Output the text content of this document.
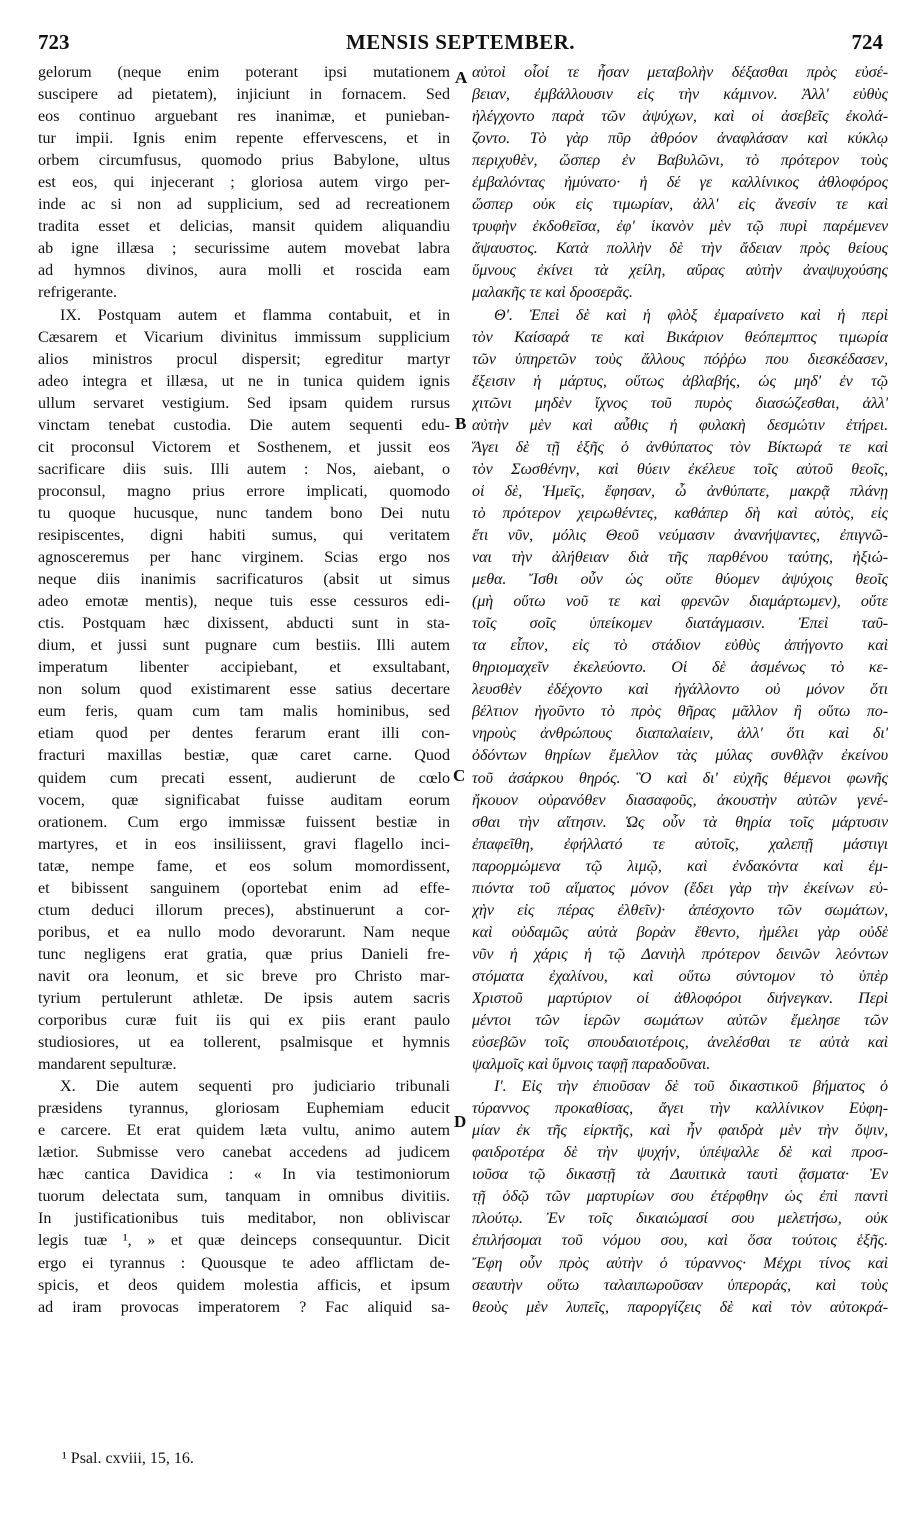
723	MENSIS SEPTEMBER.	724
gelorum (neque enim poterant ipsi mutationem
suscipere ad pietatem), injiciunt in fornacem. Sed
eos continuo arguebant res inanimæ, et punieban-
tur impii. Ignis enim repente effervescens, et in
orbem circumfusus, quomodo prius Babylone, ultus
est eos, qui injecerant ; gloriosa autem virgo per-
inde ac si non ad supplicium, sed ad recreationem
tradita esset et delicias, mansit quidem aliquandiu
ab igne illæsa ; securissime autem movebat labra
ad hymnos divinos, aura molli et roscida eam
refrigerante.
IX. Postquam autem et flamma contabuit, et in
Cæsarem et Vicarium divinitus immissum supplicium
alios ministros procul dispersit; egreditur martyr
adeo integra et illæsa, ut ne in tunica quidem ignis
ullum servaret vestigium. Sed ipsam quidem rursus
vinctam tenebat custodia. Die autem sequenti edu-
cit proconsul Victorem et Sosthenem, et jussit eos
sacrificare diis suis. Illi autem : Nos, aiebant, o
proconsul, magno prius errore implicati, quomodo
tu quoque hucusque, nunc tandem bono Dei nutu
resipiscentes, digni habiti sumus, qui veritatem
agnosceremus per hanc virginem. Scias ergo nos
neque diis inanimis sacrificaturos (absit ut simus
adeo emotæ mentis), neque tuis esse cessuros edi-
ctis. Postquam hæc dixissent, abducti sunt in sta-
dium, et jussi sunt pugnare cum bestiis. Illi autem
imperatum libenter accipiebant, et exsultabant,
non solum quod existimarent esse satius decertare
eum feris, quam cum tam malis hominibus, sed
etiam quod per dentes ferarum erant illi con-
fracturi maxillas bestiæ, quæ caret carne. Quod
quidem cum precati essent, audierunt de cœlo
vocem, quæ significabat fuisse auditam eorum
orationem. Cum ergo immissæ fuissent bestiæ in
martyres, et in eos insiliissent, gravi flagello inci-
tatæ, nempe fame, et eos solum momordissent,
et bibissent sanguinem (oportebat enim ad effe-
ctum deduci illorum preces), abstinuerunt a cor-
poribus, et ea nullo modo devorarunt. Nam neque
tunc negligens erat gratia, quæ prius Danieli fre-
navit ora leonum, et sic breve pro Christo mar-
tyrium pertulerunt athletæ. De ipsis autem sacris
corporibus curæ fuit iis qui ex piis erant paulo
studiosiores, ut ea tollerent, psalmisque et hymnis
mandarent sepulturæ.
X. Die autem sequenti pro judiciario tribunali
præsidens tyrannus, gloriosam Euphemiam educit
e carcere. Et erat quidem læta vultu, animo autem
lætior. Submisse vero canebat accedens ad judicem
hæc cantica Davidica : « In via testimoniorum
tuorum delectata sum, tanquam in omnibus divitiis.
In justificationibus tuis meditabor, non obliviscar
legis tuæ ¹, » et quæ deinceps consequuntur. Dicit
ergo ei tyrannus : Quousque te adeo afflictam de-
spicis, et deos quidem molestia afficis, et ipsum
ad iram provocas imperatorem ? Fac aliquid sa-
αὐτοὶ οἷοί τε ἦσαν μεταβολὴν δέξασθαι πρὸς εὐσέ-
βειαν, ἐμβάλλουσιν εἰς τὴν κάμινον. Ἀλλ' εὐθὺς
ἠλέγχοντο παρὰ τῶν ἀψύχων, καὶ οἱ ἀσεβεῖς ἐκολά-
ζοντο. Τὸ γὰρ πῦρ ἀθρόον ἀναφλάσαν καὶ κύκλῳ
περιχυθὲν, ὥσπερ ἐν Βαβυλῶνι, τὸ πρότερον τοὺς
ἐμβαλόντας ἠμύνατο· ἡ δέ γε καλλίνικος ἀθλοφόρος
ὥσπερ οὐκ εἰς τιμωρίαν, ἀλλ' εἰς ἄνεσίν τε καὶ
τρυφὴν ἐκδοθεῖσα, ἐφ' ἱκανὸν μὲν τῷ πυρὶ παρέμενεν
ἄψαυστος. Κατὰ πολλὴν δὲ τὴν ἄδειαν πρὸς θείους
ὕμνους ἐκίνει τὰ χείλη, αὔρας αὐτὴν ἀναψυχούσης
μαλακῆς τε καὶ δροσερᾶς.
Θ'. Ἐπεὶ δὲ καὶ ἡ φλὸξ ἐμαραίνετο καὶ ἡ περὶ
τὸν Καίσαρά τε καὶ Βικάριον θεόπεμπτος τιμωρία
τῶν ὑπηρετῶν τοὺς ἄλλους πόῤῥω που διεσκέδασεν,
ἔξεισιν ἡ μάρτυς, οὕτως ἀβλαβής, ὡς μηδ' ἐν τῷ
χιτῶνι μηδὲν ἴχνος τοῦ πυρὸς διασώζεσθαι, ἀλλ'
αὐτὴν μὲν καὶ αὖθις ἡ φυλακὴ δεσμώτιν ἐτήρει.
Ἄγει δὲ τῇ ἑξῆς ὁ ἀνθύπατος τὸν Βίκτωρά τε καὶ
τὸν Σωσθένην, καὶ θύειν ἐκέλευε τοῖς αὐτοῦ θεοῖς,
οἱ δὲ, Ἡμεῖς, ἔφησαν, ὦ ἀνθύπατε, μακρᾷ πλάνῃ
τὸ πρότερον χειρωθέντες, καθάπερ δὴ καὶ αὐτὸς, εἰς
ἔτι νῦν, μόλις Θεοῦ νεύμασιν ἀνανήψαντες, ἐπιγνῶ-
ναι τὴν ἀλήθειαν διὰ τῆς παρθένου ταύτης, ἠξιώ-
μεθα. Ἴσθι οὖν ὡς οὔτε θύομεν ἀψύχοις θεοῖς
(μὴ οὕτω νοῦ τε καὶ φρενῶν διαμάρτωμεν), οὔτε
τοῖς σοῖς ὑπείκομεν διατάγμασιν. Ἐπεὶ ταῦ-
τα εἶπον, εἰς τὸ στάδιον εὐθὺς ἀπήγοντο καὶ
θηριομαχεῖν ἐκελεύοντο. Οἱ δὲ ἀσμένως τὸ κε-
λευσθὲν ἐδέχοντο καὶ ἠγάλλοντο οὐ μόνον ὅτι
βέλτιον ἡγοῦντο τὸ πρὸς θῆρας μᾶλλον ἢ οὕτω πο-
νηροὺς ἀνθρώπους διαπαλαίειν, ἀλλ' ὅτι καὶ δι'
ὀδόντων θηρίων ἔμελλον τὰς μύλας συνθλᾷν ἐκείνου
τοῦ ἀσάρκου θηρός. Ὃ καὶ δι' εὐχῆς θέμενοι φωνῆς
ἤκουον οὐρανόθεν διασαφοῦς, ἀκουστὴν αὐτῶν γενέ-
σθαι τὴν αἴτησιν. Ὡς οὖν τὰ θηρία τοῖς μάρτυσιν
ἐπαφεῖθη, ἐφήλλατό τε αὐτοῖς, χαλεπῇ μάστιγι
παρορμώμενα τῷ λιμῷ, καὶ ἐνδακόντα καὶ ἐμ-
πιόντα τοῦ αἵματος μόνον (ἔδει γὰρ τὴν ἐκείνων εὐ-
χὴν εἰς πέρας ἐλθεῖν)· ἀπέσχοντο τῶν σωμάτων,
καὶ οὐδαμῶς αὐτὰ βορὰν ἔθεντο, ἠμέλει γὰρ οὐδὲ
νῦν ἡ χάρις ἡ τῷ Δανιὴλ πρότερον δεινῶν λεόντων
στόματα ἐχαλίνου, καὶ οὕτω σύντομον τὸ ὑπὲρ
Χριστοῦ μαρτύριον οἱ ἀθλοφόροι διήνεγκαν. Περὶ
μέντοι τῶν ἱερῶν σωμάτων αὐτῶν ἔμελησε τῶν
εὐσεβῶν τοῖς σπουδαιοτέροις, ἀνελέσθαι τε αὐτὰ καὶ
ψαλμοῖς καὶ ὕμνοις ταφῇ παραδοῦναι.
Ι'. Εἰς τὴν ἐπιοῦσαν δὲ τοῦ δικαστικοῦ βήματος ὁ
τύραννος προκαθίσας, ἄγει τὴν καλλίνικον Εὐφη-
μίαν ἐκ τῆς εἱρκτῆς, καὶ ἦν φαιδρὰ μὲν τὴν ὄψιν,
φαιδροτέρα δὲ τὴν ψυχήν, ὑπέψαλλε δὲ καὶ προσ-
ιοῦσα τῷ δικαστῇ τὰ Δαυιτικὰ ταυτὶ ᾄσματα· Ἐν
τῇ ὁδῷ τῶν μαρτυρίων σου ἐτέρφθην ὡς ἐπὶ παντὶ
πλούτῳ. Ἐν τοῖς δικαιώμασί σου μελετήσω, οὐκ
ἐπιλήσομαι τοῦ νόμου σου, καὶ ὅσα τούτοις ἑξῆς.
Ἔφη οὖν πρὸς αὐτὴν ὁ τύραννος· Μέχρι τίνος καὶ
σεαυτὴν οὕτω ταλαιπωροῦσαν ὑπεροράς, καὶ τοὺς
θεοὺς μὲν λυπεῖς, παροργίζεις δὲ καὶ τὸν αὐτοκρά-
A
B
C
D
¹ Psal. cxviii, 15, 16.
